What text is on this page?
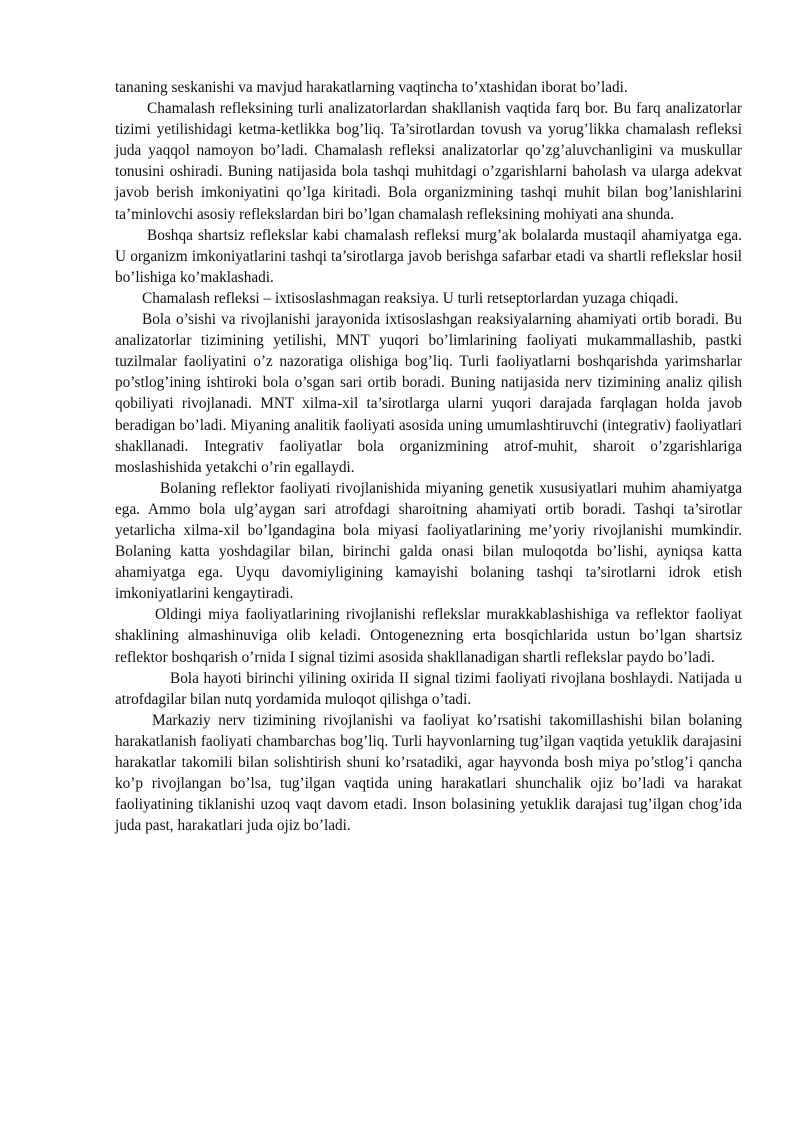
tananing seskanishi va mavjud harakatlarning vaqtincha to’xtashidan iborat bo’ladi.

Chamalash refleksining turli analizatorlardan shakllanish vaqtida farq bor. Bu farq analizatorlar tizimi yetilishidagi ketma-ketlikka bog’liq. Ta’sirotlardan tovush va yorug’likka chamalash refleksi juda yaqqol namoyon bo’ladi. Chamalash refleksi analizatorlar qo’zg’aluvchanligini va muskullar tonusini oshiradi. Buning natijasida bola tashqi muhitdagi o’zgarishlarni baholash va ularga adekvat javob berish imkoniyatini qo’lga kiritadi. Bola organizmining tashqi muhit bilan bog’lanishlarini ta’minlovchi asosiy reflekslardan biri bo’lgan chamalash refleksining mohiyati ana shunda.

Boshqa shartsiz reflekslar kabi chamalash refleksi murg’ak bolalarda mustaqil ahamiyatga ega. U organizm imkoniyatlarini tashqi ta’sirotlarga javob berishga safarbar etadi va shartli reflekslar hosil bo’lishiga ko’maklashadi.

Chamalash refleksi – ixtisoslashmagan reaksiya. U turli retseptorlardan yuzaga chiqadi.

Bola o’sishi va rivojlanishi jarayonida ixtisoslashgan reaksiyalarning ahamiyati ortib boradi. Bu analizatorlar tizimining yetilishi, MNT yuqori bo’limlarining faoliyati mukammallashib, pastki tuzilmalar faoliyatini o’z nazoratiga olishiga bog’liq. Turli faoliyatlarni boshqarishda yarimsharlar po’stlog’ining ishtiroki bola o’sgan sari ortib boradi. Buning natijasida nerv tizimining analiz qilish qobiliyati rivojlanadi. MNT xilma-xil ta’sirotlarga ularni yuqori darajada farqlagan holda javob beradigan bo’ladi. Miyaning analitik faoliyati asosida uning umumlashtiruvchi (integrativ) faoliyatlari shakllanadi. Integrativ faoliyatlar bola organizmining atrof-muhit, sharoit o’zgarishlariga moslashishida yetakchi o’rin egallaydi.

Bolaning reflektor faoliyati rivojlanishida miyaning genetik xususiyatlari muhim ahamiyatga ega. Ammo bola ulg’aygan sari atrofdagi sharoitning ahamiyati ortib boradi. Tashqi ta’sirotlar yetarlicha xilma-xil bo’lgandagina bola miyasi faoliyatlarining me’yoriy rivojlanishi mumkindir. Bolaning katta yoshdagilar bilan, birinchi galda onasi bilan muloqotda bo’lishi, ayniqsa katta ahamiyatga ega. Uyqu davomiyligining kamayishi bolaning tashqi ta’sirotlarni idrok etish imkoniyatlarini kengaytiradi.

Oldingi miya faoliyatlarining rivojlanishi reflekslar murakkablashishiga va reflektor faoliyat shaklining almashinuviga olib keladi. Ontogenezning erta bosqichlarida ustun bo’lgan shartsiz reflektor boshqarish o’rnida I signal tizimi asosida shakllanadigan shartli reflekslar paydo bo’ladi.

Bola hayoti birinchi yilining oxirida II signal tizimi faoliyati rivojlana boshlaydi. Natijada u atrofdagilar bilan nutq yordamida muloqot qilishga o’tadi.

Markaziy nerv tizimining rivojlanishi va faoliyat ko’rsatishi takomillashishi bilan bolaning harakatlanish faoliyati chambarchas bog’liq. Turli hayvonlarning tug’ilgan vaqtida yetuklik darajasini harakatlar takomili bilan solishtirish shuni ko’rsatadiki, agar hayvonda bosh miya po’stlog’i qancha ko’p rivojlangan bo’lsa, tug’ilgan vaqtida uning harakatlari shunchalik ojiz bo’ladi va harakat faoliyatining tiklanishi uzoq vaqt davom etadi. Inson bolasining yetuklik darajasi tug’ilgan chog’ida juda past, harakatlari juda ojiz bo’ladi.
